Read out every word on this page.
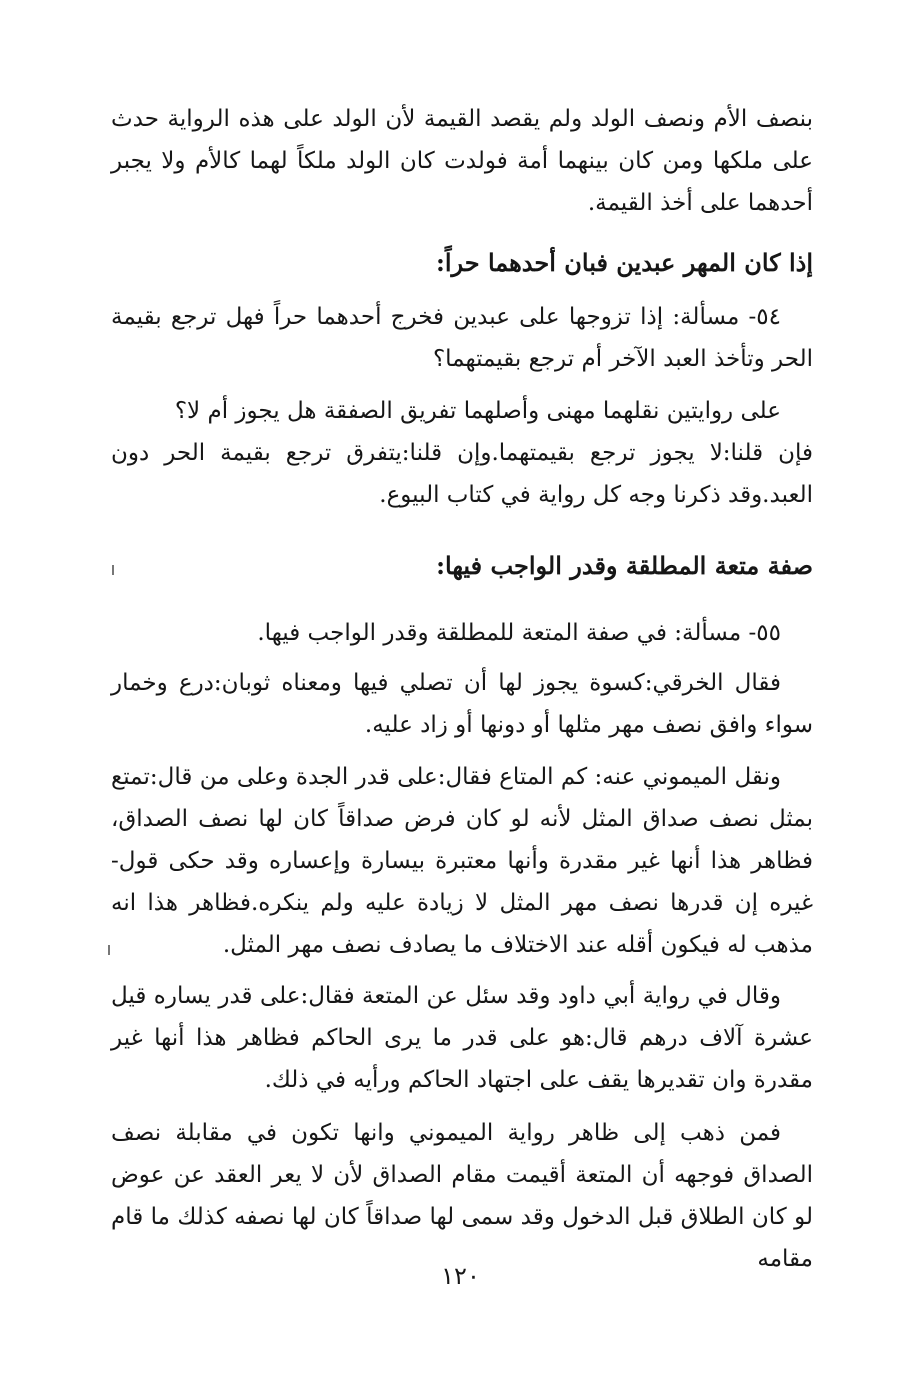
بنصف الأم ونصف الولد ولم يقصد القيمة لأن الولد على هذه الرواية حدث على ملكها ومن كان بينهما أمة فولدت كان الولد ملكاً لهما كالأم ولا يجبر أحدهما على أخذ القيمة.
إذا كان المهر عبدين فبان أحدهما حراً:
٥٤- مسألة: إذا تزوجها على عبدين فخرج أحدهما حراً فهل ترجع بقيمة الحر وتأخذ العبد الآخر أم ترجع بقيمتهما؟
على روايتين نقلهما مهنى وأصلهما تفريق الصفقة هل يجوز أم لا؟
فإن قلنا:لا يجوز ترجع بقيمتهما.وإن قلنا:يتفرق ترجع بقيمة الحر دون العبد.وقد ذكرنا وجه كل رواية في كتاب البيوع.
صفة متعة المطلقة وقدر الواجب فيها:
٥٥- مسألة: في صفة المتعة للمطلقة وقدر الواجب فيها.
فقال الخرقي:كسوة يجوز لها أن تصلي فيها ومعناه ثوبان:درع وخمار سواء وافق نصف مهر مثلها أو دونها أو زاد عليه.
ونقل الميموني عنه: كم المتاع فقال:على قدر الجدة وعلى من قال:تمتع بمثل نصف صداق المثل لأنه لو كان فرض صداقاً كان لها نصف الصداق، فظاهر هذا أنها غير مقدرة وأنها معتبرة بيسارة وإعساره وقد حكى قول- غيره إن قدرها نصف مهر المثل لا زيادة عليه ولم ينكره.فظاهر هذا انه مذهب له فيكون أقله عند الاختلاف ما يصادف نصف مهر المثل.
وقال في رواية أبي داود وقد سئل عن المتعة فقال:على قدر يساره قيل عشرة آلاف درهم قال:هو على قدر ما يرى الحاكم فظاهر هذا أنها غير مقدرة وان تقديرها يقف على اجتهاد الحاكم ورأيه في ذلك.
فمن ذهب إلى ظاهر رواية الميموني وانها تكون في مقابلة نصف الصداق فوجهه أن المتعة أقيمت مقام الصداق لأن لا يعر العقد عن عوض لو كان الطلاق قبل الدخول وقد سمى لها صداقاً كان لها نصفه كذلك ما قام مقامه
١٢٠
